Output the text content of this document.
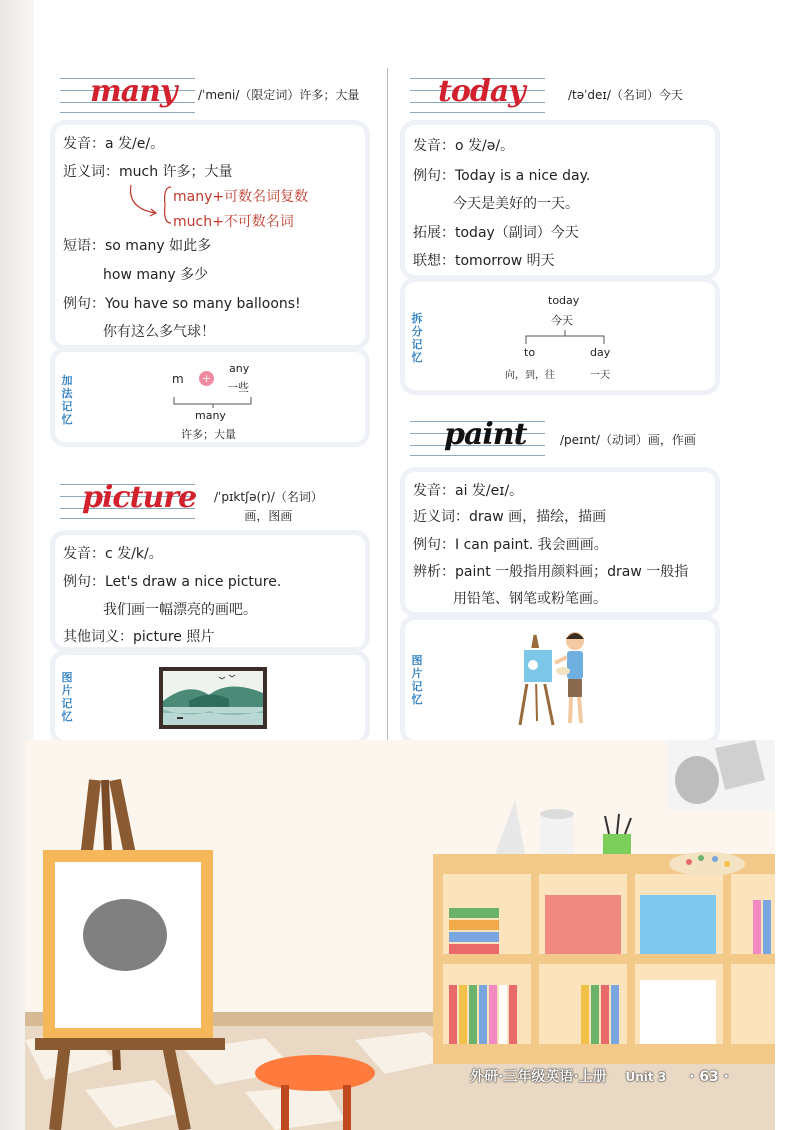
many /ˈmeni/（限定词）许多；大量
发音：a 发/e/。
近义词：much 许多；大量
many+可数名词复数
much+不可数名词
短语：so many 如此多
how many 多少
例句：You have so many balloons!
你有这么多气球！
加法记忆
m +
any
一些
many
许多；大量
picture /ˈpɪktʃə(r)/（名词）
画，图画
发音：c 发/k/。
例句：Let's draw a nice picture.
我们画一幅漂亮的画吧。
其他词义：picture 照片
图片记忆
today	/təˈdeɪ/（名词）今天
发音：o 发/ə/。
例句：Today is a nice day.
今天是美好的一天。
拓展：today（副词）今天
联想：tomorrow 明天
拆分记忆
today
今天
to
向，到，往
day
一天
paint	/peɪnt/（动词）画，作画
发音：ai 发/eɪ/。
近义词：draw 画，描绘，描画
例句：I can paint. 我会画画。
辨析：paint 一般指用颜料画；draw 一般指
用铅笔、钢笔或粉笔画。
图片记忆
外研·三年级英语·上册 Unit 3 · 63 ·
